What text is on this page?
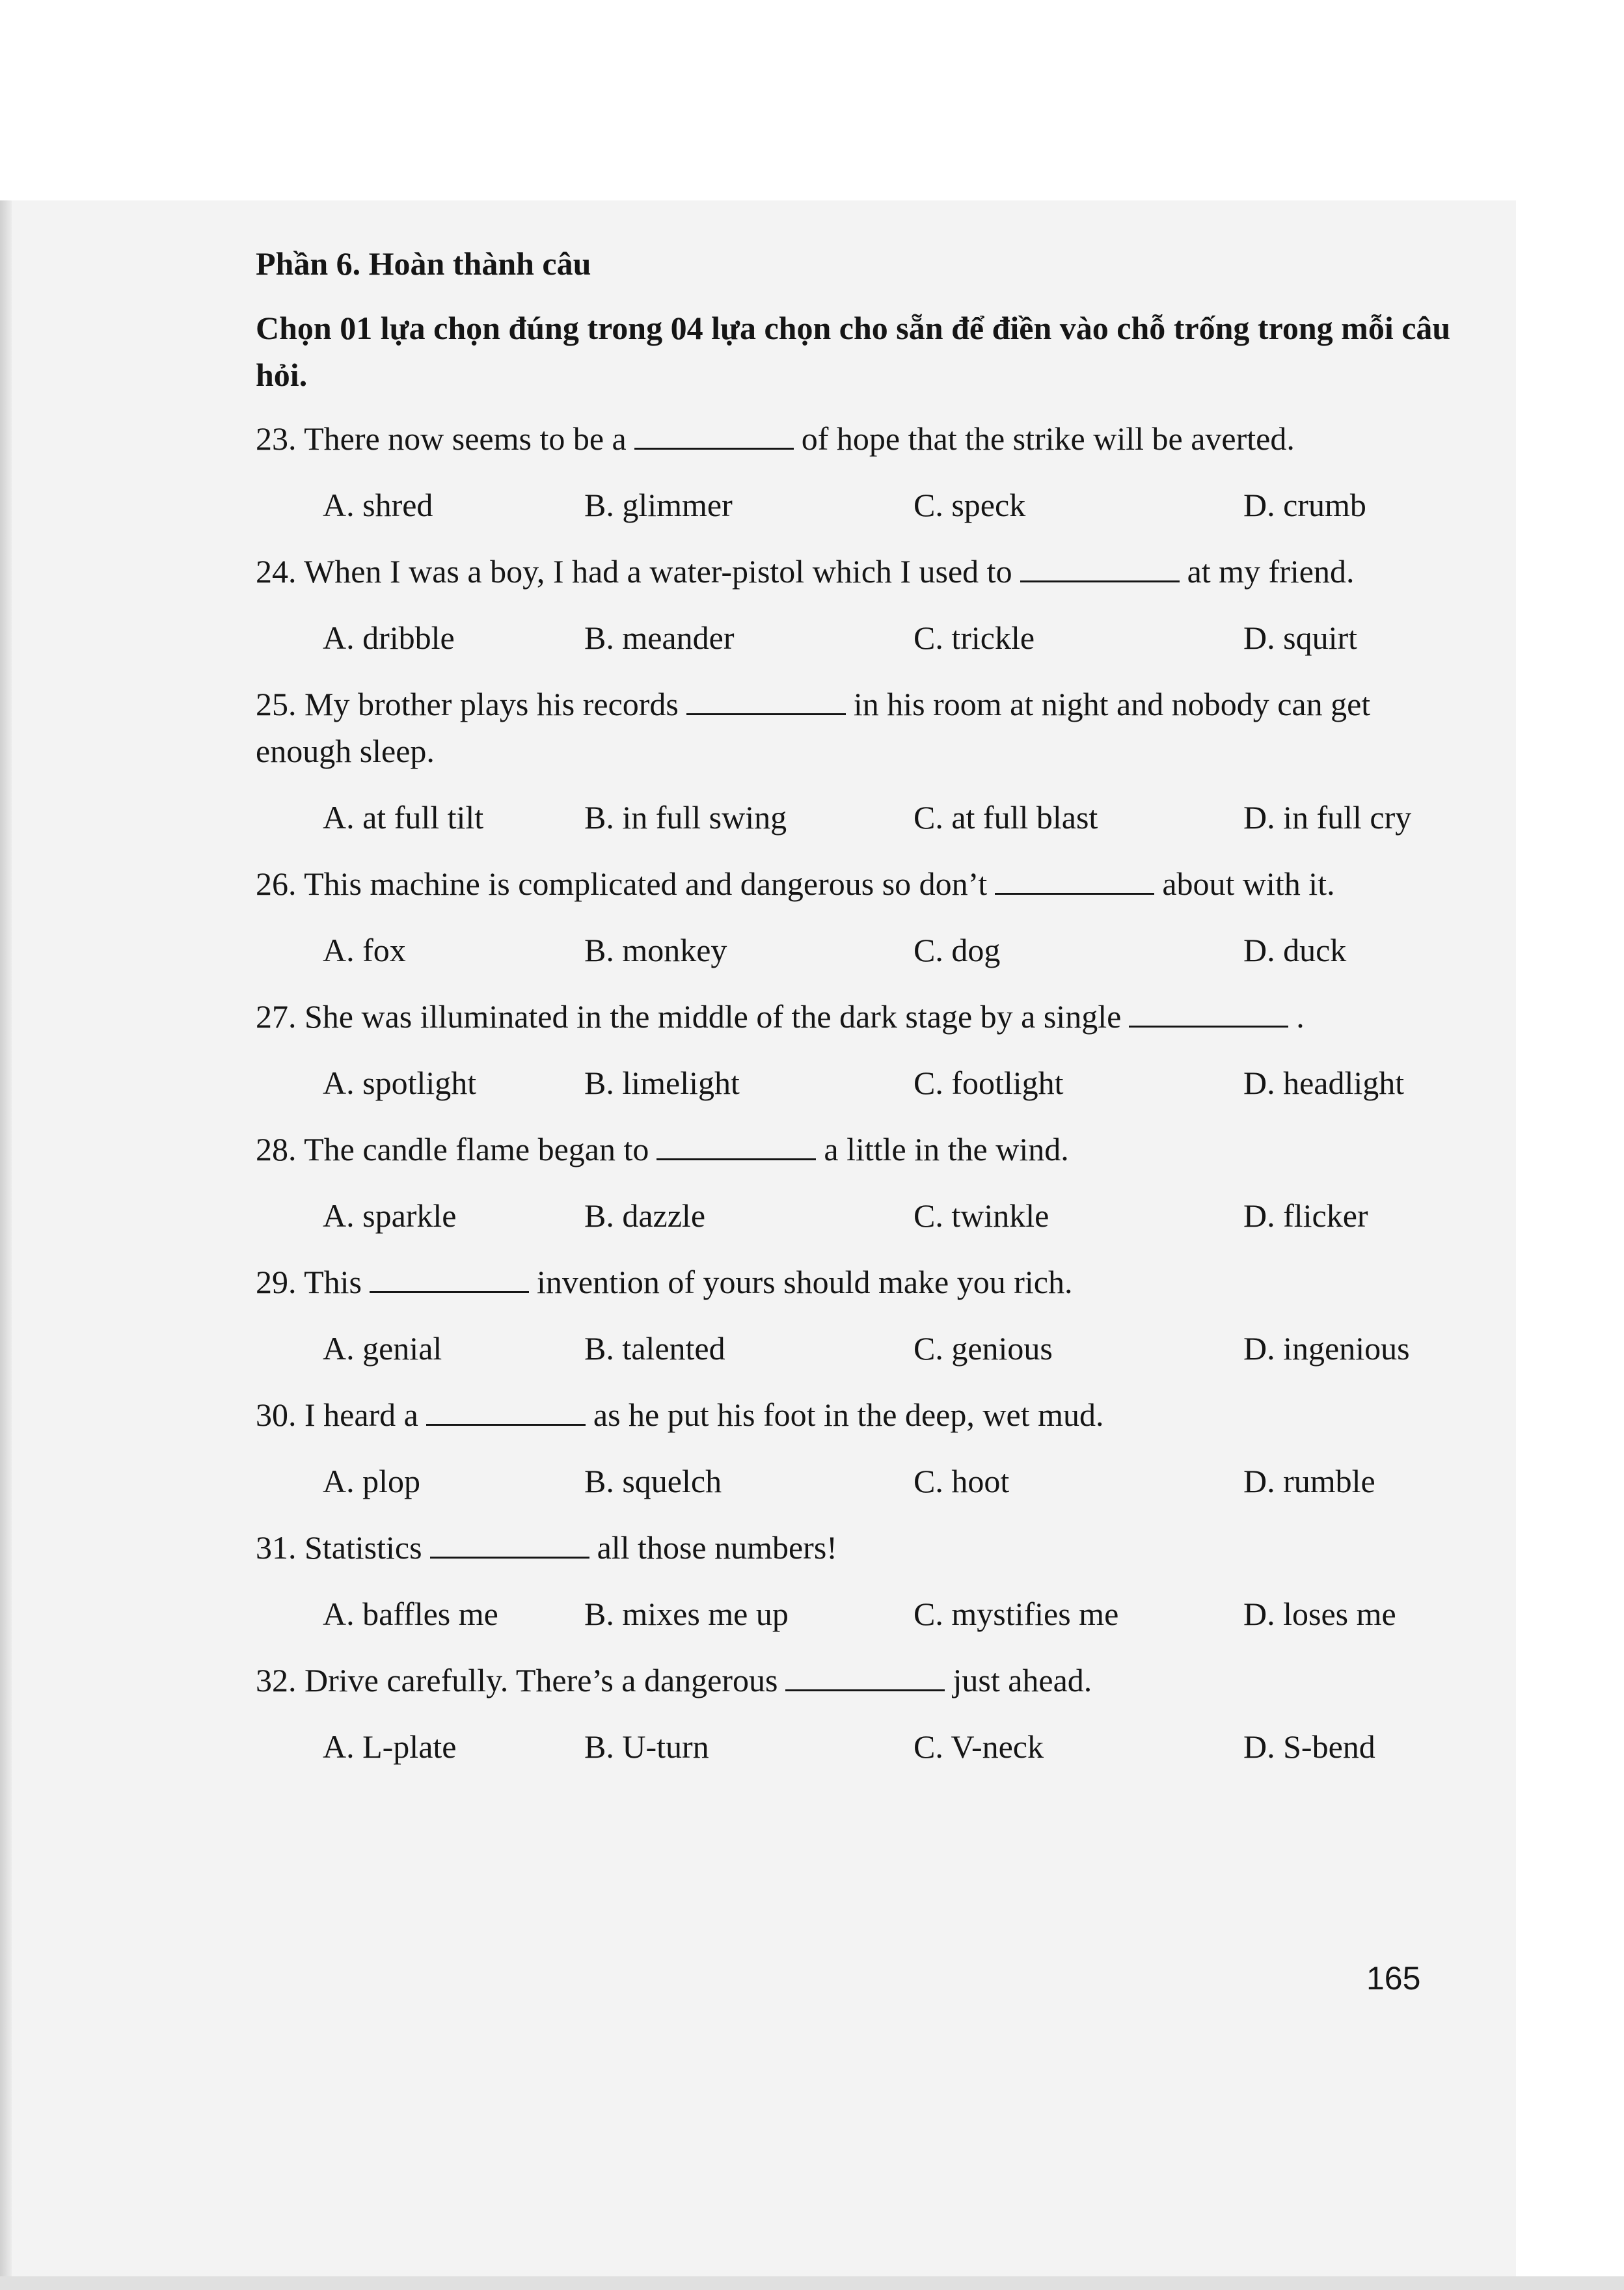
Phần 6. Hoàn thành câu

Chọn 01 lựa chọn đúng trong 04 lựa chọn cho sẵn để điền vào chỗ trống trong mỗi câu hỏi.

23. There now seems to be a	of hope that the strike will be averted.

A. shred	B. glimmer	C. speck	D. crumb

24. When I was a boy, I had a water-pistol which I used to	at my friend.

A. dribble	B. meander	C. trickle	D. squirt

25. My brother plays his records	in his room at night and nobody can get enough sleep.

A. at full tilt	B. in full swing	C. at full blast	D. in full cry

26. This machine is complicated and dangerous so don’t	about with it.

A. fox	B. monkey	C. dog	D. duck

27. She was illuminated in the middle of the dark stage by a single	.

A. spotlight	B. limelight	C. footlight	D. headlight

28. The candle flame began to	a little in the wind.

A. sparkle	B. dazzle	C. twinkle	D. flicker

29. This	invention of yours should make you rich.

A. genial	B. talented	C. genious	D. ingenious

30. I heard a	as he put his foot in the deep, wet mud.

A. plop	B. squelch	C. hoot	D. rumble

31. Statistics	all those numbers!

A. baffles me	B. mixes me up	C. mystifies me	D. loses me

32. Drive carefully. There’s a dangerous	just ahead.

A. L-plate	B. U-turn	C. V-neck	D. S-bend
165
